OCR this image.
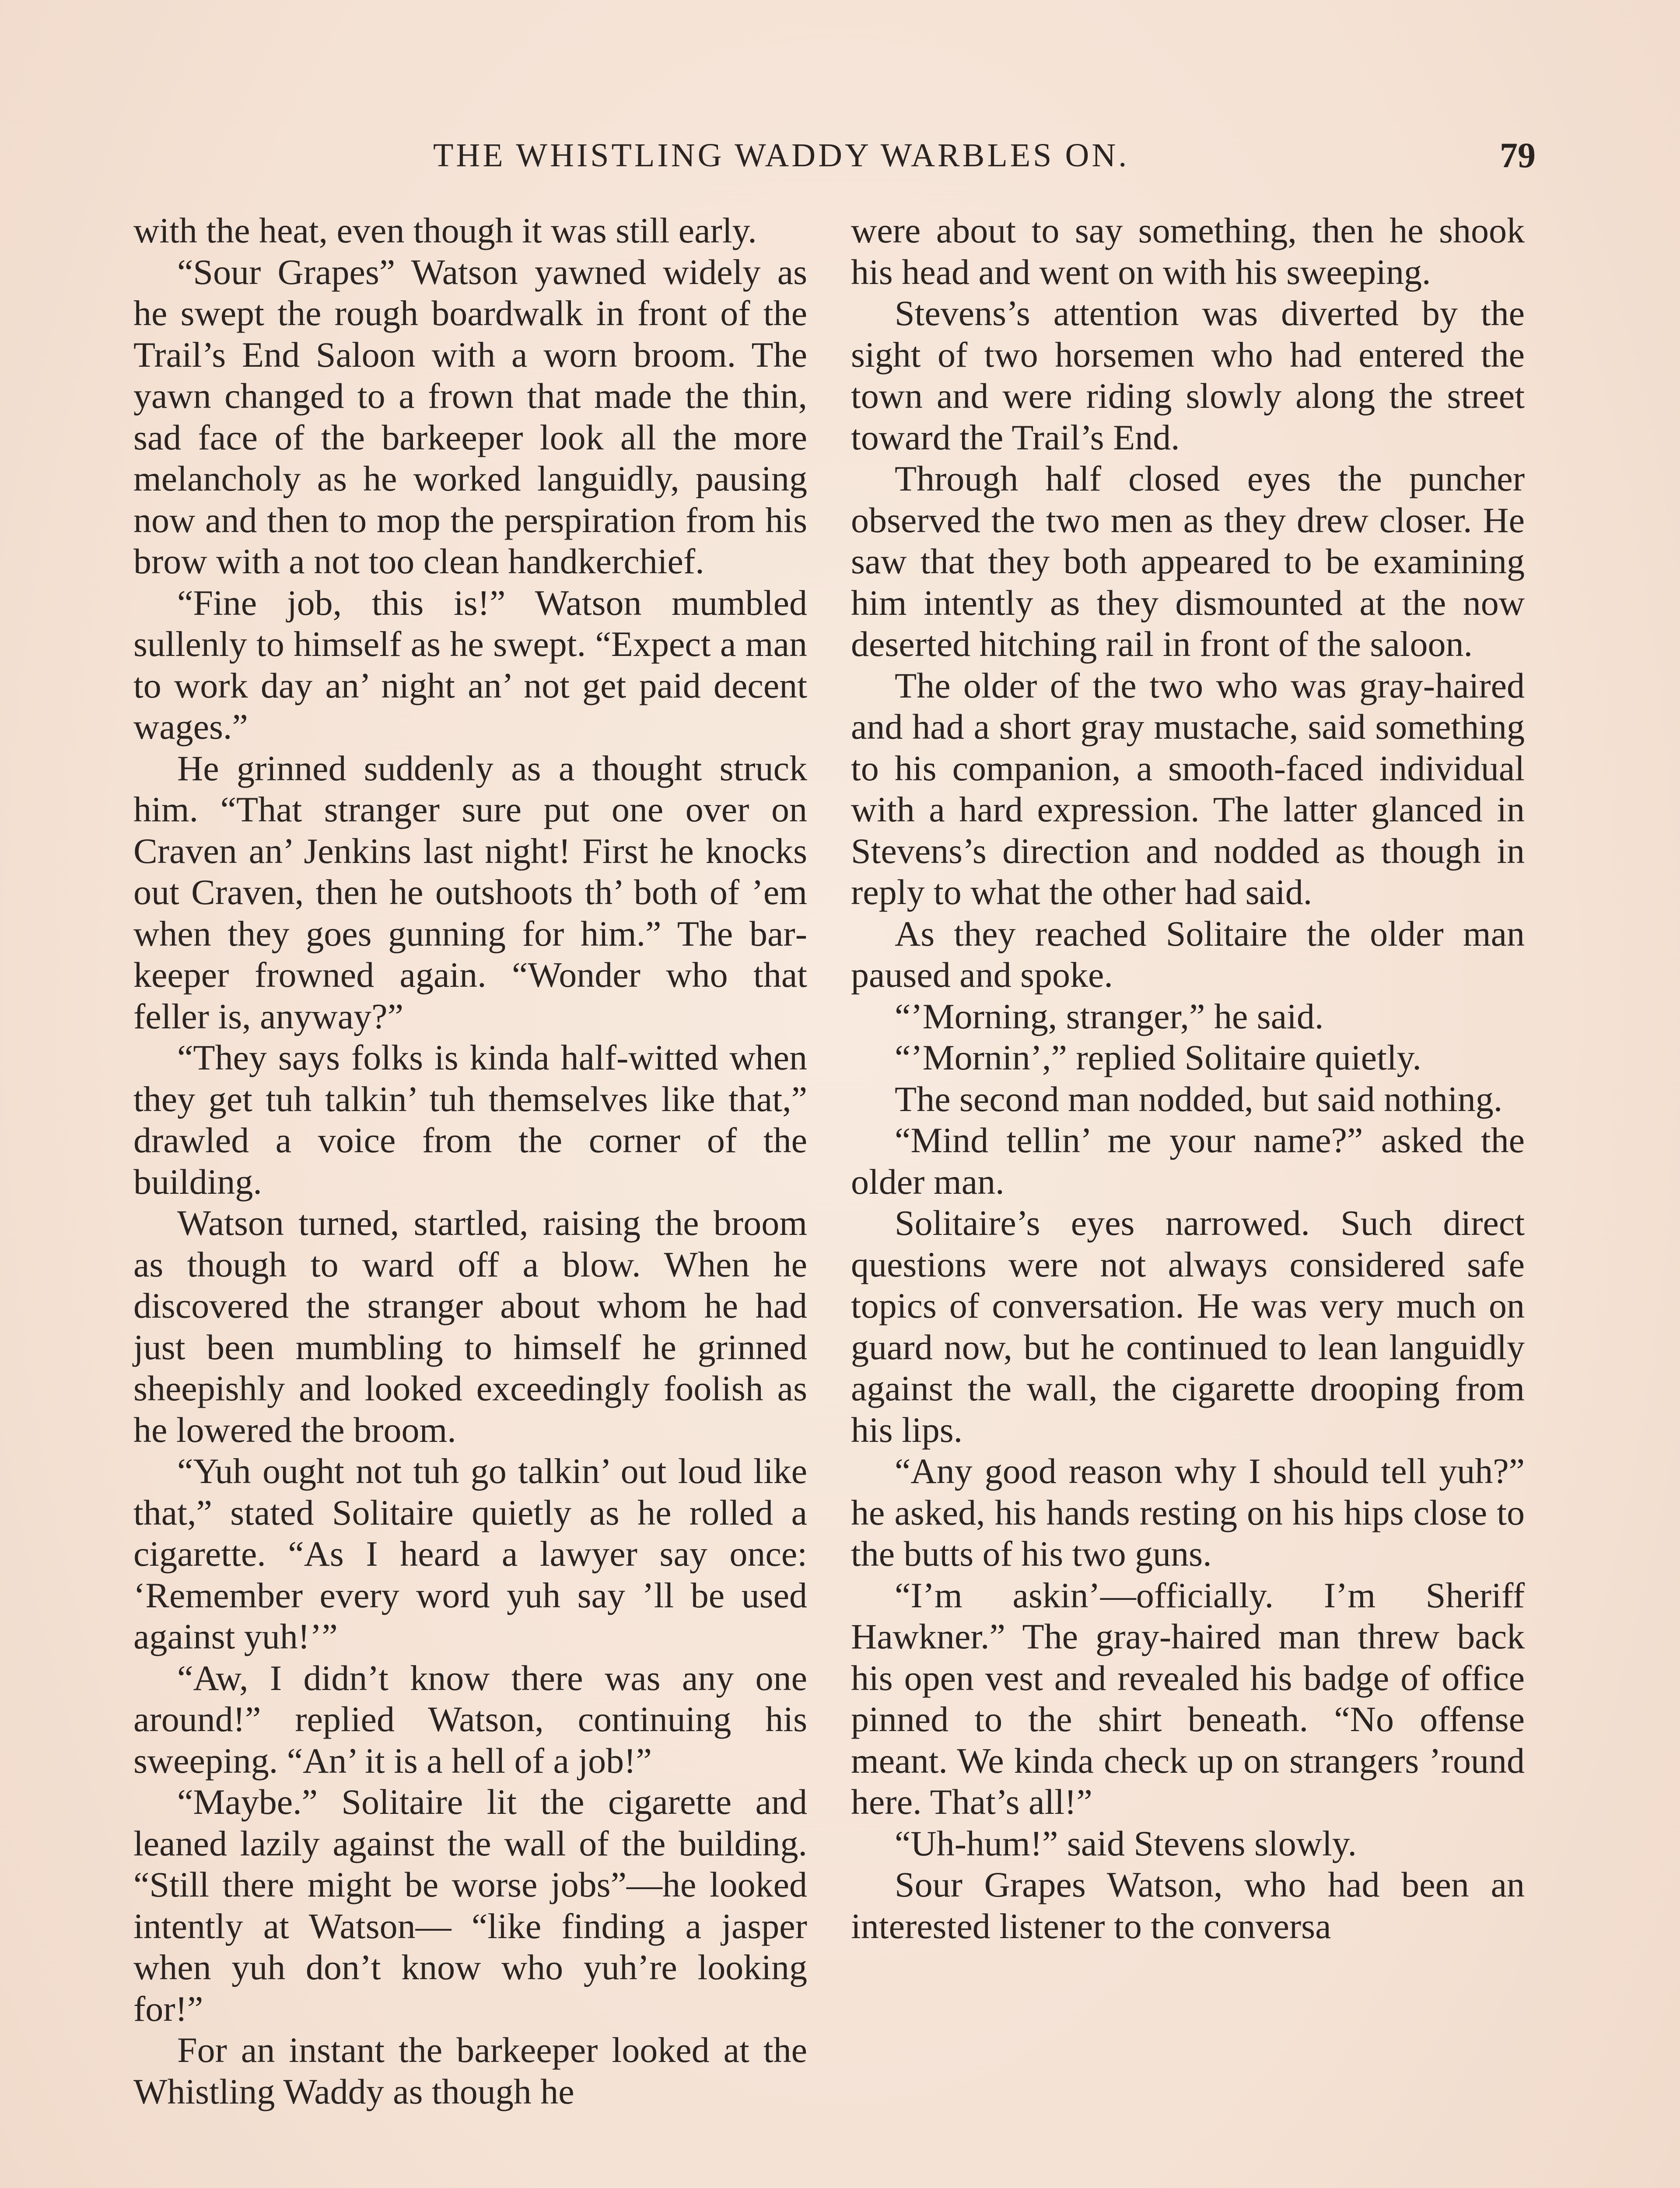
THE WHISTLING WADDY WARBLES ON.	79

with the heat, even though it was still early.

“Sour Grapes” Watson yawned widely as he swept the rough boardwalk in front of the Trail’s End Saloon with a worn broom. The yawn changed to a frown that made the thin, sad face of the barkeeper look all the more melancholy as he worked languidly, pausing now and then to mop the perspiration from his brow with a not too clean handkerchief.

“Fine job, this is!” Watson mumbled sullenly to himself as he swept. “Expect a man to work day an’ night an’ not get paid decent wages.”

He grinned suddenly as a thought struck him. “That stranger sure put one over on Craven an’ Jenkins last night! First he knocks out Craven, then he outshoots th’ both of ’em when they goes gunning for him.” The barkeeper frowned again. “Wonder who that feller is, anyway?”

“They says folks is kinda half-witted when they get tuh talkin’ tuh themselves like that,” drawled a voice from the corner of the building.

Watson turned, startled, raising the broom as though to ward off a blow. When he discovered the stranger about whom he had just been mumbling to himself he grinned sheepishly and looked exceedingly foolish as he lowered the broom.

“Yuh ought not tuh go talkin’ out loud like that,” stated Solitaire quietly as he rolled a cigarette. “As I heard a lawyer say once: ‘Remember every word yuh say ’ll be used against yuh!’”

“Aw, I didn’t know there was any one around!” replied Watson, continuing his sweeping. “An’ it is a hell of a job!”

“Maybe.” Solitaire lit the cigarette and leaned lazily against the wall of the building. “Still there might be worse jobs”—he looked intently at Watson— “like finding a jasper when yuh don’t know who yuh’re looking for!”

For an instant the barkeeper looked at the Whistling Waddy as though he

were about to say something, then he shook his head and went on with his sweeping.

Stevens’s attention was diverted by the sight of two horsemen who had entered the town and were riding slowly along the street toward the Trail’s End.

Through half closed eyes the puncher observed the two men as they drew closer. He saw that they both appeared to be examining him intently as they dismounted at the now deserted hitching rail in front of the saloon.

The older of the two who was gray-haired and had a short gray mustache, said something to his companion, a smooth-faced individual with a hard expression. The latter glanced in Stevens’s direction and nodded as though in reply to what the other had said.

As they reached Solitaire the older man paused and spoke.

“’Morning, stranger,” he said.

“’Mornin’,” replied Solitaire quietly.

The second man nodded, but said nothing.

“Mind tellin’ me your name?” asked the older man.

Solitaire’s eyes narrowed. Such direct questions were not always considered safe topics of conversation. He was very much on guard now, but he continued to lean languidly against the wall, the cigarette drooping from his lips.

“Any good reason why I should tell yuh?” he asked, his hands resting on his hips close to the butts of his two guns.

“I’m askin’—officially. I’m Sheriff Hawkner.” The gray-haired man threw back his open vest and revealed his badge of office pinned to the shirt beneath. “No offense meant. We kinda check up on strangers ’round here. That’s all!”

“Uh-hum!” said Stevens slowly.

Sour Grapes Watson, who had been an interested listener to the conversa
